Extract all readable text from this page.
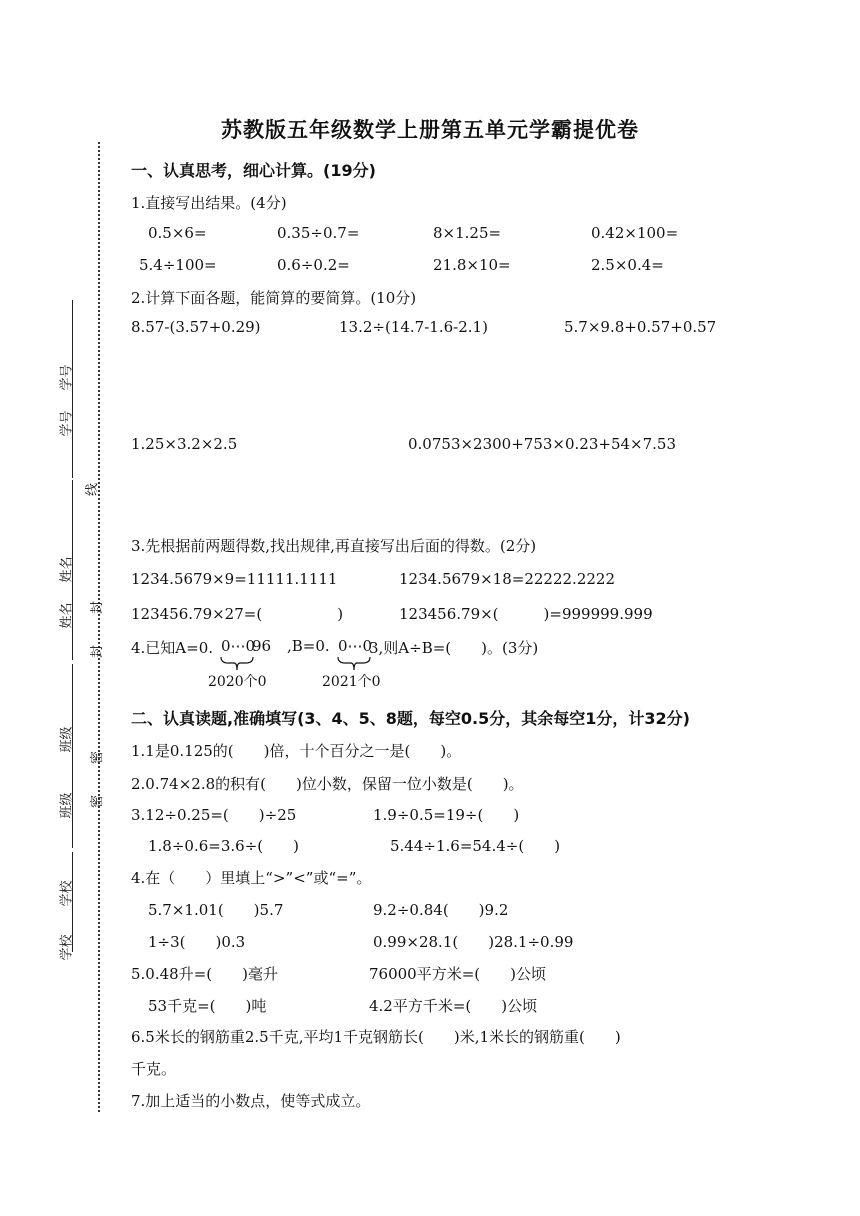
苏教版五年级数学上册第五单元学霸提优卷
线
封
封
密
密
学号
学号
姓名
姓名
班级
班级
学校
学校
一、认真思考，细心计算。(19分)
1.直接写出结果。(4分)
0.5×6=	0.35÷0.7=	8×1.25=	0.42×100=
5.4÷100=	0.6÷0.2=	21.8×10=	2.5×0.4=
2.计算下面各题，能简算的要简算。(10分)
8.57-(3.57+0.29)	13.2÷(14.7-1.6-2.1)	5.7×9.8+0.57+0.57
1.25×3.2×2.5	0.0753×2300+753×0.23+54×7.53
3.先根据前两题得数,找出规律,再直接写出后面的得数。(2分)
1234.5679×9=11111.1111	1234.5679×18=22222.2222
123456.79×27=(　　　　　)	123456.79×(　　　)=999999.999
4.已知A=0. 0⋯0
96 ,B=0. 0⋯0
3,则A÷B=(　　)。(3分)
2020个0	2021个0
二、认真读题,准确填写(3、4、5、8题，每空0.5分，其余每空1分，计32分)
1.1是0.125的(　　)倍，十个百分之一是(　　)。
2.0.74×2.8的积有(　　)位小数，保留一位小数是(　　)。
3.12÷0.25=(　　)÷25	1.9÷0.5=19÷(　　)
1.8÷0.6=3.6÷(　　)	5.44÷1.6=54.4÷(　　)
4.在（　　）里填上“>”<”或“=”。
5.7×1.01(　　)5.7	9.2÷0.84(　　)9.2
1÷3(　　)0.3	0.99×28.1(　　)28.1÷0.99
5.0.48升=(　　)毫升	76000平方米=(　　)公顷
53千克=(　　)吨	4.2平方千米=(　　)公顷
6.5米长的钢筋重2.5千克,平均1千克钢筋长(　　)米,1米长的钢筋重(　　)
千克。
7.加上适当的小数点，使等式成立。
